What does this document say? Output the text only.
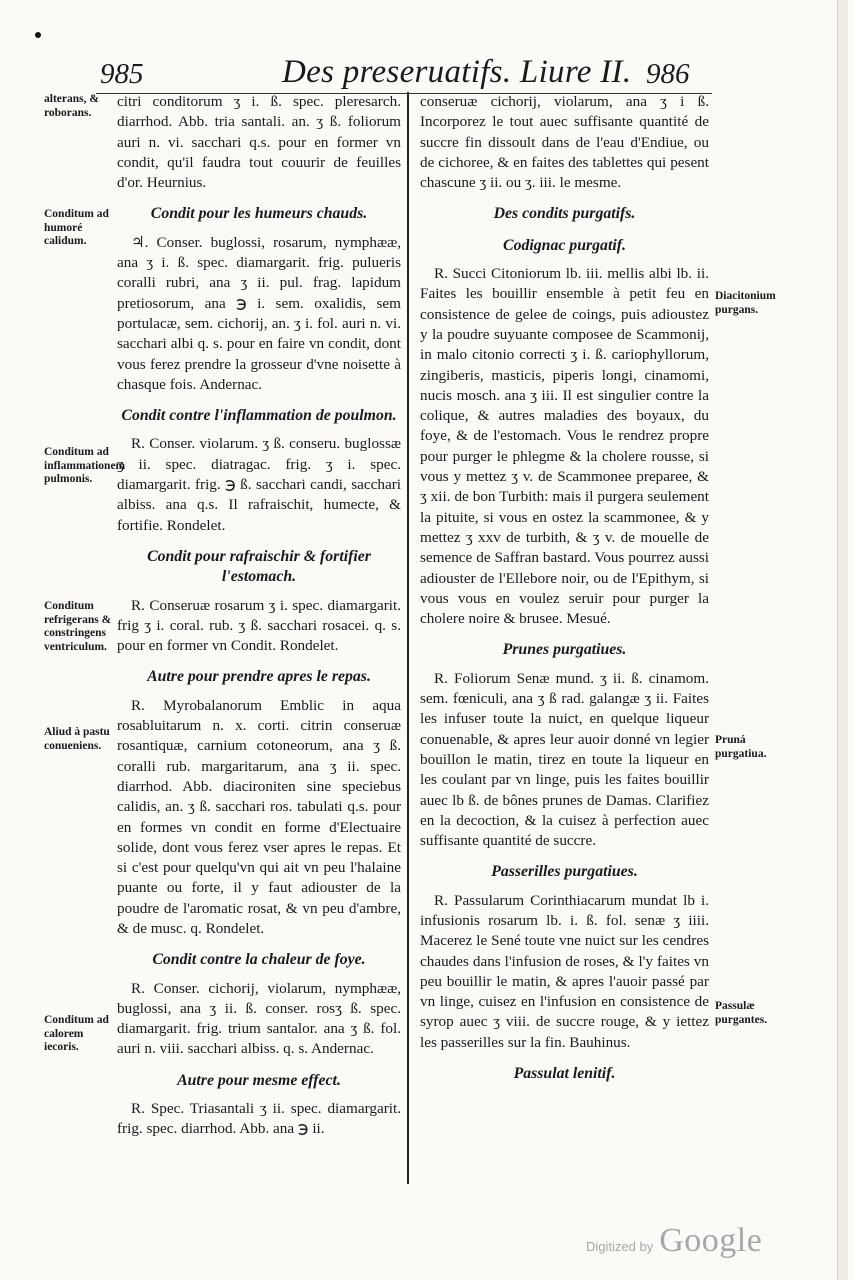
985	Des preseruatifs. Liure II. 986

citri conditorum ʒ i. ß. spec. pleresarch. diarrhod. Abb. tria santali. an. ʒ ß. foliorum auri n. vi. sacchari q.s. pour en former vn condit, qu'il faudra tout couurir de feuilles d'or. Heurnius.

Condit pour les humeurs chauds.

♃. Conser. buglossi, rosarum, nymphææ, ana ʒ i. ß. spec. diamargarit. frig. pulueris coralli rubri, ana ʒ ii. pul. frag. lapidum pretiosorum, ana ℈ i. sem. oxalidis, sem portulacæ, sem. cichorij, an. ʒ i. fol. auri n. vi. sacchari albi q. s. pour en faire vn condit, dont vous ferez prendre la grosseur d'vne noisette à chasque fois. Andernac.

Condit contre l'inflammation de poulmon.

R. Conser. violarum. ʒ ß. conseru. buglossæ ʒ ii. spec. diatragac. frig. ʒ i. spec. diamargarit. frig. ℈ ß. sacchari candi, sacchari albiss. ana q.s. Il rafraischit, humecte, & fortifie. Rondelet.

Condit pour rafraischir & fortifier l'estomach.

R. Conseruæ rosarum ʒ i. spec. diamargarit. frig ʒ i. coral. rub. ʒ ß. sacchari rosacei. q. s. pour en former vn Condit. Rondelet.

Autre pour prendre apres le repas.

R. Myrobalanorum Emblic in aqua rosabluitarum n. x. corti. citrin conseruæ rosantiquæ, carnium cotoneorum, ana ʒ ß. coralli rub. margaritarum, ana ʒ ii. spec. diarrhod. Abb. diacironiten sine speciebus calidis, an. ʒ ß. sacchari ros. tabulati q.s. pour en formes vn condit en forme d'Electuaire solide, dont vous ferez vser apres le repas. Et si c'est pour quelqu'vn qui ait vn peu l'halaine puante ou forte, il y faut adiouster de la poudre de l'aromatic rosat, & vn peu d'ambre, & de musc. q. Rondelet.

Condit contre la chaleur de foye.

R. Conser. cichorij, violarum, nymphææ, buglossi, ana ʒ ii. ß. conser. rosʒ ß. spec. diamargarit. frig. trium santalor. ana ʒ ß. fol. auri n. viii. sacchari albiss. q. s. Andernac.

Autre pour mesme effect.

R. Spec. Triasantali ʒ ii. spec. diamargarit. frig. spec. diarrhod. Abb. ana ℈ ii.

conseruæ cichorij, violarum, ana ʒ i ß. Incorporez le tout auec suffisante quantité de succre fin dissoult dans de l'eau d'Endiue, ou de cichoree, & en faites des tablettes qui pesent chascune ʒ ii. ou ʒ. iii. le mesme.

Des condits purgatifs.

Codignac purgatif.

R. Succi Citoniorum lb. iii. mellis albi lb. ii. Faites les bouillir ensemble à petit feu en consistence de gelee de coings, puis adioustez y la poudre suyuante composee de Scammonij, in malo citonio correcti ʒ i. ß. cariophyllorum, zingiberis, masticis, piperis longi, cinamomi, nucis mosch. ana ʒ iii. Il est singulier contre la colique, & autres maladies des boyaux, du foye, & de l'estomach. Vous le rendrez propre pour purger le phlegme & la cholere rousse, si vous y mettez ʒ v. de Scammonee preparee, & ʒ xii. de bon Turbith: mais il purgera seulement la pituite, si vous en ostez la scammonee, & y mettez ʒ xxv de turbith, & ʒ v. de mouelle de semence de Saffran bastard. Vous pourrez aussi adiouster de l'Ellebore noir, ou de l'Epithym, si vous vous en voulez seruir pour purger la cholere noire & brusee. Mesué.

Prunes purgatiues.

R. Foliorum Senæ mund. ʒ ii. ß. cinamom. sem. fœniculi, ana ʒ ß rad. galangæ ʒ ii. Faites les infuser toute la nuict, en quelque liqueur conuenable, & apres leur auoir donné vn legier bouillon le matin, tirez en toute la liqueur en les coulant par vn linge, puis les faites bouillir auec lb ß. de bônes prunes de Damas. Clarifiez en la decoction, & la cuisez à perfection auec suffisante quantité de succre.

Passerilles purgatiues.

R. Passularum Corinthiacarum mundat lb i. infusionis rosarum lb. i. ß. fol. senæ ʒ iiii. Macerez le Sené toute vne nuict sur les cendres chaudes dans l'infusion de roses, & l'y faites vn peu bouillir le matin, & apres l'auoir passé par vn linge, cuisez en l'infusion en consistence de syrop auec ʒ viii. de succre rouge, & y iettez les passerilles sur la fin. Bauhinus.

Passulat lenitif.

alterans, & roborans.
Conditum ad humoré calidum.
Conditum ad inflammationem pulmonis.
Conditum refrigerans & constringens ventriculum.
Aliud à pastu conueniens.
Conditum ad calorem iecoris.
Diacitonium purgans.
Pruná purgatiua.
Passulæ purgantes.
Digitized by Google
